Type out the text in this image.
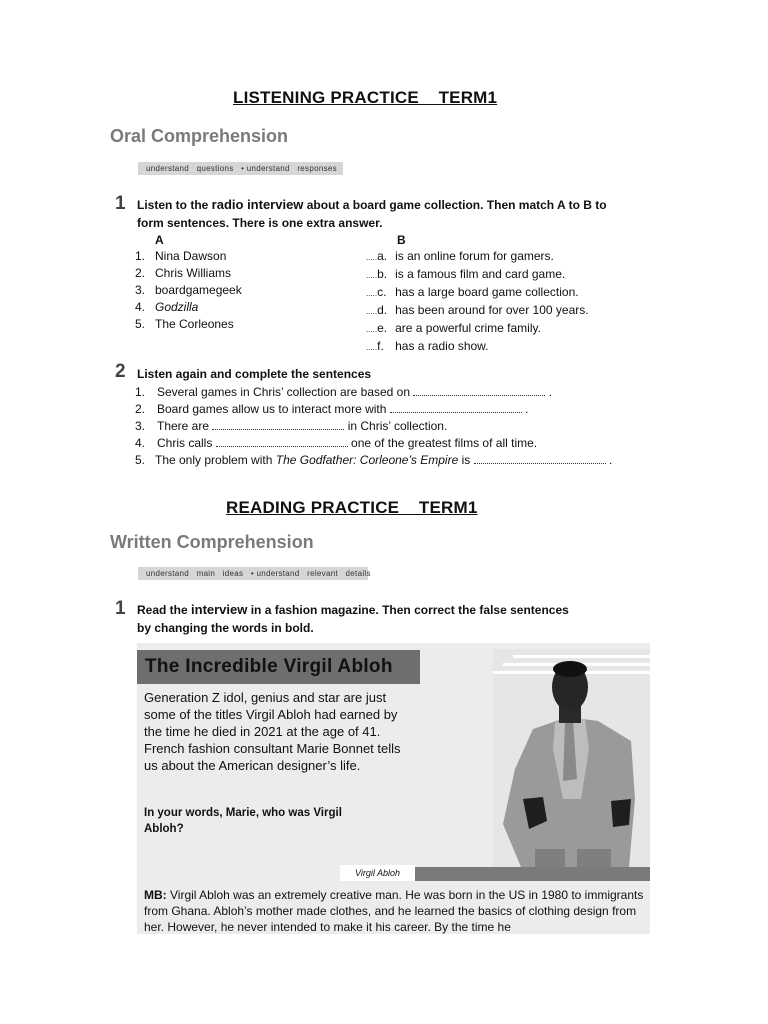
LISTENING PRACTICE    TERM1
Oral Comprehension
understand   questions   • understand   responses
1 Listen to the radio interview about a board game collection. Then match A to B to form sentences. There is one extra answer.
A	B
1. Nina Dawson
2. Chris Williams
3. boardgamegeek
4. Godzilla
5. The Corleones
.....a. is an online forum for gamers.
.....b. is a famous film and card game.
.....c. has a large board game collection.
.....d. has been around for over 100 years.
.....e. are a powerful crime family.
.....f. has a radio show.
2 Listen again and complete the sentences
1. Several games in Chris’ collection are based on	.
2. Board games allow us to interact more with	.
3. There are	in Chris’ collection.
4. Chris calls	one of the greatest films of all time.
5. The only problem with The Godfather: Corleone’s Empire is	.
READING PRACTICE    TERM1
Written Comprehension
understand   main   ideas   • understand   relevant   details
1 Read the interview in a fashion magazine. Then correct the false sentences by changing the words in bold.
The Incredible Virgil Abloh
Generation Z idol, genius and star are just some of the titles Virgil Abloh had earned by the time he died in 2021 at the age of 41. French fashion consultant Marie Bonnet tells us about the American designer’s life.
In your words, Marie, who was Virgil Abloh?
Virgil Abloh
MB: Virgil Abloh was an extremely creative man. He was born in the US in 1980 to immigrants from Ghana. Abloh’s mother made clothes, and he learned the basics of clothing design from her. However, he never intended to make it his career. By the time he
